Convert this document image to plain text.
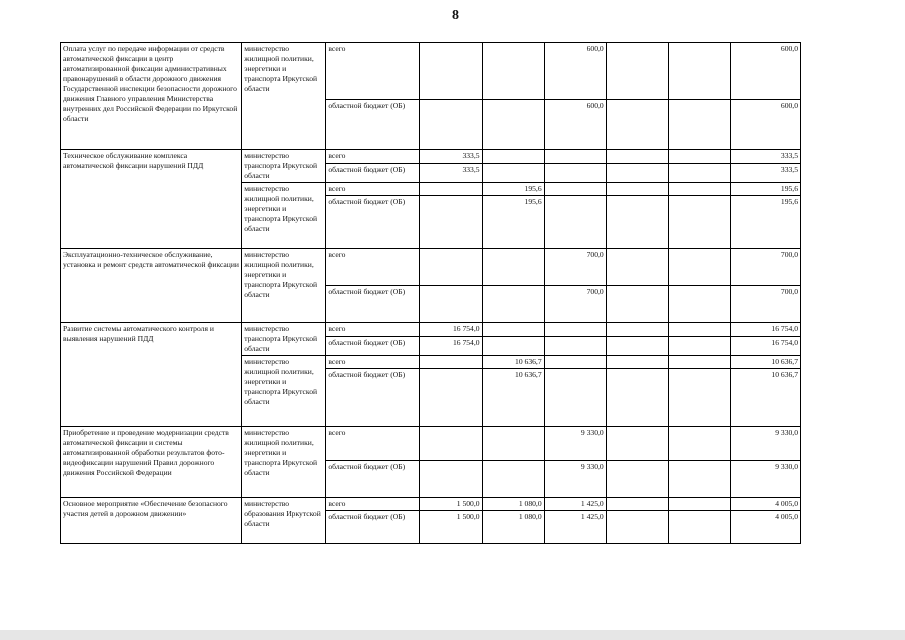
8
Оплата услуг по передаче информации от средств автоматической фиксации в центр автоматизированной фиксации административных правонарушений в области дорожного движения Государственной инспекции безопасности дорожного движения Главного управления Министерства внутренних дел Российской Федерации по Иркутской области	министерство жилищной политики, энергетики и транспорта Иркутской области	всего			600,0			600,0
		областной бюджет (ОБ)			600,0			600,0
Техническое обслуживание комплекса автоматической фиксации нарушений ПДД	министерство транспорта Иркутской области	всего	333,5					333,5
		областной бюджет (ОБ)	333,5					333,5
	министерство жилищной политики, энергетики и транспорта Иркутской области	всего		195,6				195,6
		областной бюджет (ОБ)		195,6				195,6
Эксплуатационно-техническое обслуживание, установка и ремонт средств автоматической фиксации	министерство жилищной политики, энергетики и транспорта Иркутской области	всего			700,0			700,0
		областной бюджет (ОБ)			700,0			700,0
Развитие системы автоматического контроля и выявления нарушений ПДД	министерство транспорта Иркутской области	всего	16 754,0					16 754,0
		областной бюджет (ОБ)	16 754,0					16 754,0
	министерство жилищной политики, энергетики и транспорта Иркутской области	всего		10 636,7				10 636,7
		областной бюджет (ОБ)		10 636,7				10 636,7
Приобретение и проведение модернизации средств автоматической фиксации и системы автоматизированной обработки результатов фото-видеофиксации нарушений Правил дорожного движения Российской Федерации	министерство жилищной политики, энергетики и транспорта Иркутской области	всего			9 330,0			9 330,0
		областной бюджет (ОБ)			9 330,0			9 330,0
Основное мероприятие «Обеспечение безопасного участия детей в дорожном движении»	министерство образования Иркутской области	всего	1 500,0	1 080,0	1 425,0			4 005,0
		областной бюджет (ОБ)	1 500,0	1 080,0	1 425,0			4 005,0
